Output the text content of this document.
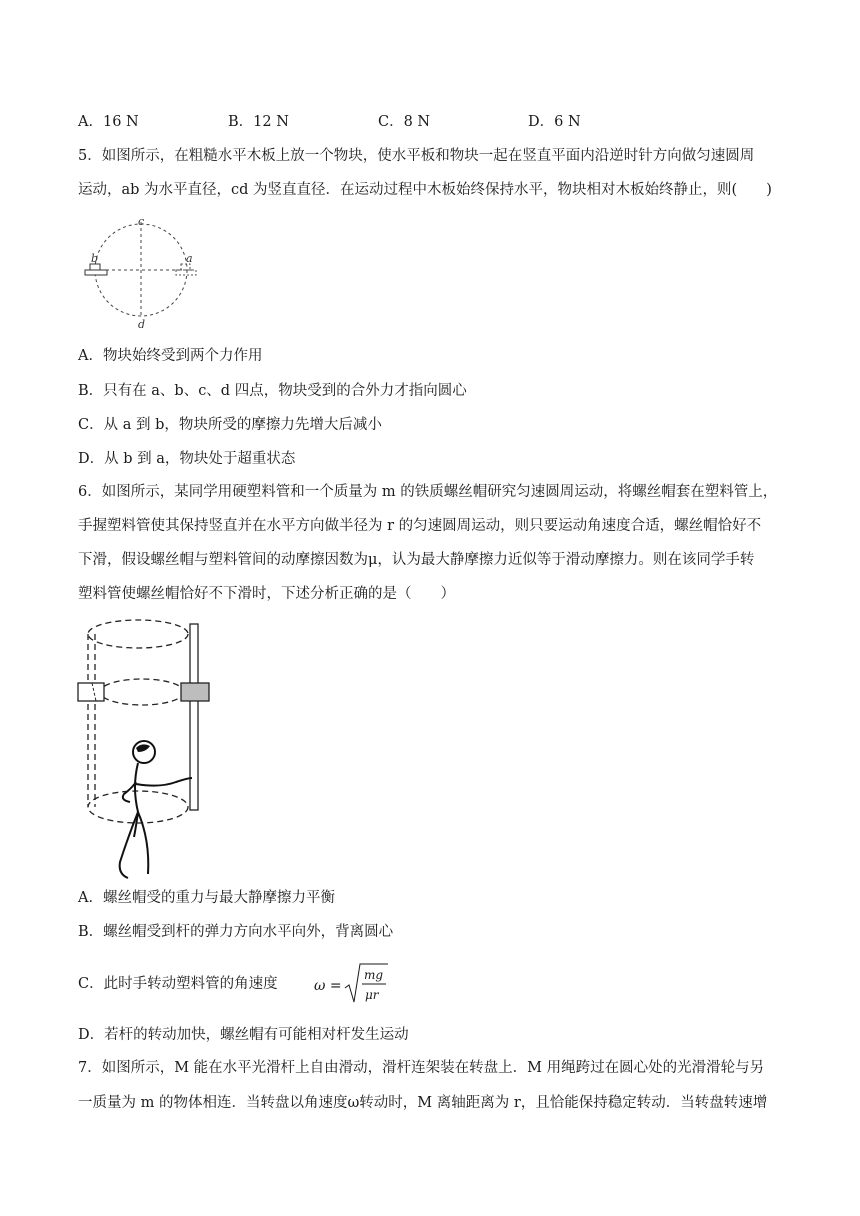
A．16 N	B．12 N	C．8 N	D．6 N
5．如图所示，在粗糙水平木板上放一个物块，使水平板和物块一起在竖直平面内沿逆时针方向做匀速圆周
运动，ab 为水平直径，cd 为竖直直径．在运动过程中木板始终保持水平，物块相对木板始终静止，则(　　)
c
d
a
b
A．物块始终受到两个力作用
B．只有在 a、b、c、d 四点，物块受到的合外力才指向圆心
C．从 a 到 b，物块所受的摩擦力先增大后减小
D．从 b 到 a，物块处于超重状态
6．如图所示，某同学用硬塑料管和一个质量为 m 的铁质螺丝帽研究匀速圆周运动，将螺丝帽套在塑料管上，
手握塑料管使其保持竖直并在水平方向做半径为 r 的匀速圆周运动，则只要运动角速度合适，螺丝帽恰好不
下滑，假设螺丝帽与塑料管间的动摩擦因数为μ，认为最大静摩擦力近似等于滑动摩擦力。则在该同学手转
塑料管使螺丝帽恰好不下滑时，下述分析正确的是（　　）
A．螺丝帽受的重力与最大静摩擦力平衡
B．螺丝帽受到杆的弹力方向水平向外，背离圆心
C．此时手转动塑料管的角速度	ω =
mg
μr
D．若杆的转动加快，螺丝帽有可能相对杆发生运动
7．如图所示，M 能在水平光滑杆上自由滑动，滑杆连架装在转盘上．M 用绳跨过在圆心处的光滑滑轮与另
一质量为 m 的物体相连．当转盘以角速度ω转动时，M 离轴距离为 r，且恰能保持稳定转动．当转盘转速增
